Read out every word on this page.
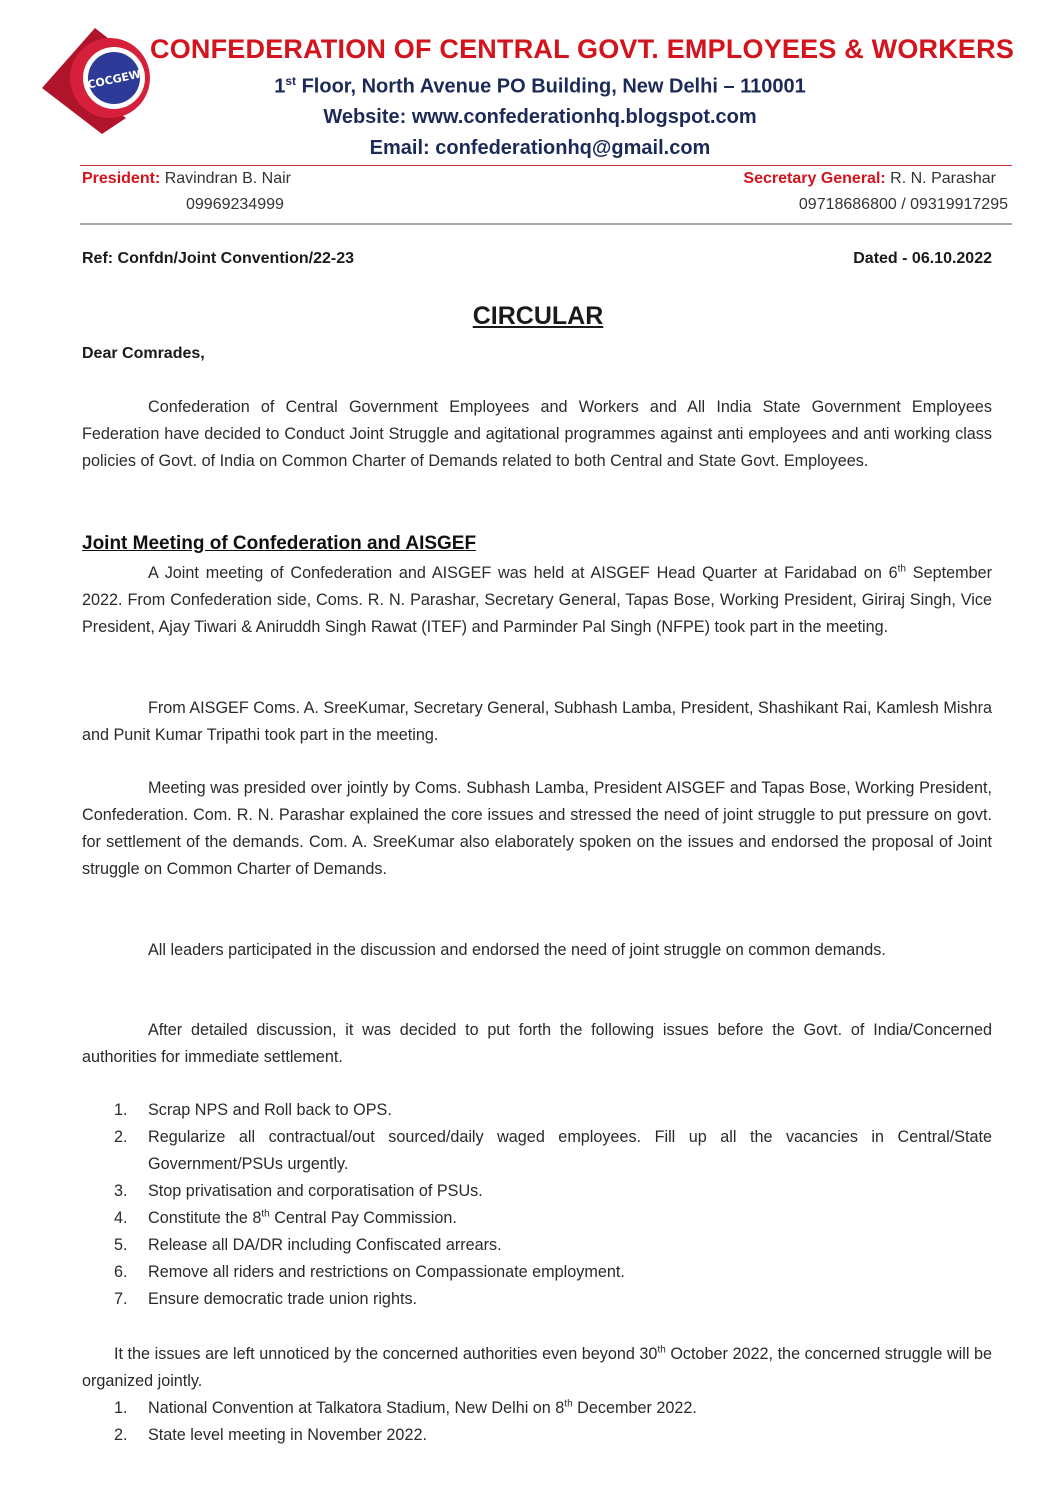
COCGEW
CONFEDERATION OF CENTRAL GOVT. EMPLOYEES & WORKERS
1st Floor, North Avenue PO Building, New Delhi – 110001
Website: www.confederationhq.blogspot.com
Email: confederationhq@gmail.com
President: Ravindran B. Nair
09969234999
Secretary General: R. N. Parashar
09718686800 / 09319917295
Ref: Confdn/Joint Convention/22-23	Dated - 06.10.2022
CIRCULAR
Dear Comrades,
Confederation of Central Government Employees and Workers and All India State Government Employees Federation have decided to Conduct Joint Struggle and agitational programmes against anti employees and anti working class policies of Govt. of India on Common Charter of Demands related to both Central and State Govt. Employees.
Joint Meeting of Confederation and AISGEF
A Joint meeting of Confederation and AISGEF was held at AISGEF Head Quarter at Faridabad on 6th September 2022. From Confederation side, Coms. R. N. Parashar, Secretary General, Tapas Bose, Working President, Giriraj Singh, Vice President, Ajay Tiwari & Aniruddh Singh Rawat (ITEF) and Parminder Pal Singh (NFPE) took part in the meeting.
From AISGEF Coms. A. SreeKumar, Secretary General, Subhash Lamba, President, Shashikant Rai, Kamlesh Mishra and Punit Kumar Tripathi took part in the meeting.
Meeting was presided over jointly by Coms. Subhash Lamba, President AISGEF and Tapas Bose, Working President, Confederation. Com. R. N. Parashar explained the core issues and stressed the need of joint struggle to put pressure on govt. for settlement of the demands. Com. A. SreeKumar also elaborately spoken on the issues and endorsed the proposal of Joint struggle on Common Charter of Demands.
All leaders participated in the discussion and endorsed the need of joint struggle on common demands.
After detailed discussion, it was decided to put forth the following issues before the Govt. of India/Concerned authorities for immediate settlement.
1. Scrap NPS and Roll back to OPS.
2. Regularize all contractual/out sourced/daily waged employees. Fill up all the vacancies in Central/State Government/PSUs urgently.
3. Stop privatisation and corporatisation of PSUs.
4. Constitute the 8th Central Pay Commission.
5. Release all DA/DR including Confiscated arrears.
6. Remove all riders and restrictions on Compassionate employment.
7. Ensure democratic trade union rights.
It the issues are left unnoticed by the concerned authorities even beyond 30th October 2022, the concerned struggle will be organized jointly.
1. National Convention at Talkatora Stadium, New Delhi on 8th December 2022.
2. State level meeting in November 2022.
